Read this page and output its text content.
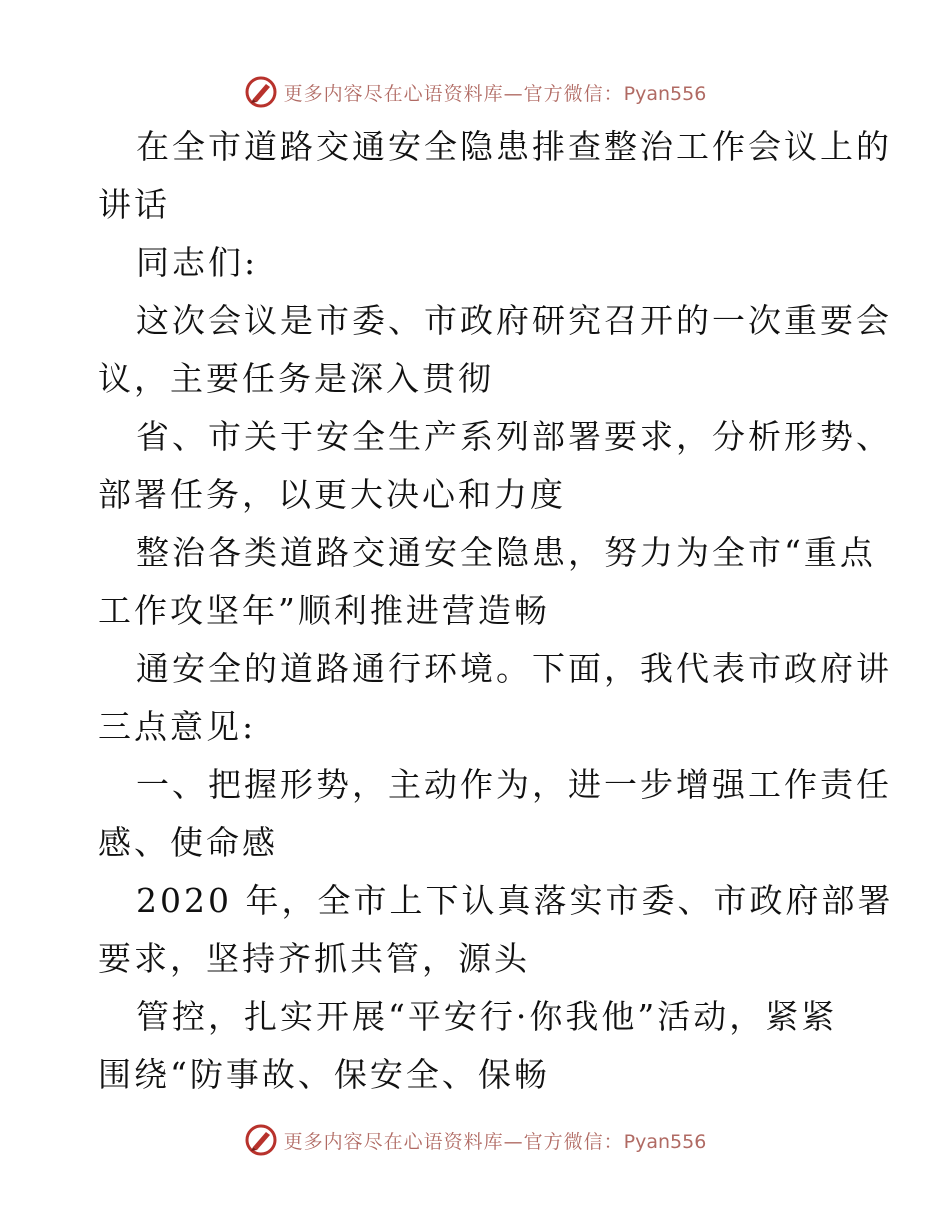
更多内容尽在心语资料库—官方微信：Pyan556
在全市道路交通安全隐患排查整治工作会议上的
讲话
同志们:
这次会议是市委、市政府研究召开的一次重要会
议，主要任务是深入贯彻
省、市关于安全生产系列部署要求，分析形势、
部署任务，以更大决心和力度
整治各类道路交通安全隐患，努力为全市“重点
工作攻坚年”顺利推进营造畅
通安全的道路通行环境。下面，我代表市政府讲
三点意见:
一、把握形势，主动作为，进一步增强工作责任
感、使命感
2020 年，全市上下认真落实市委、市政府部署
要求，坚持齐抓共管，源头
管控，扎实开展“平安行·你我他”活动，紧紧
围绕“防事故、保安全、保畅
更多内容尽在心语资料库—官方微信：Pyan556
